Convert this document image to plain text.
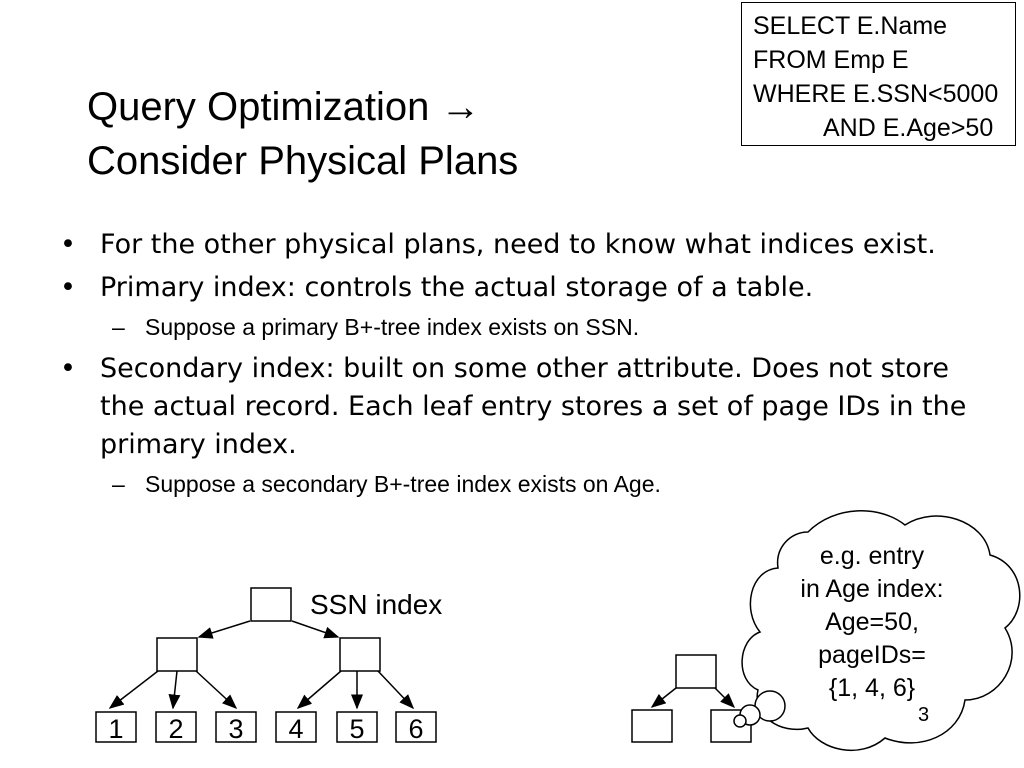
SELECT E.Name
FROM Emp E
WHERE E.SSN<5000
AND E.Age>50
Query Optimization →
Consider Physical Plans
• For the other physical plans, need to know what indices exist.
• Primary index: controls the actual storage of a table.
– Suppose a primary B+-tree index exists on SSN.
• Secondary index: built on some other attribute. Does not store the actual record. Each leaf entry stores a set of page IDs in the primary index.
– Suppose a secondary B+-tree index exists on Age.
1 2 3 4 5 6
SSN index
e.g. entry
in Age index:
Age=50,
pageIDs=
{1, 4, 6}
3
